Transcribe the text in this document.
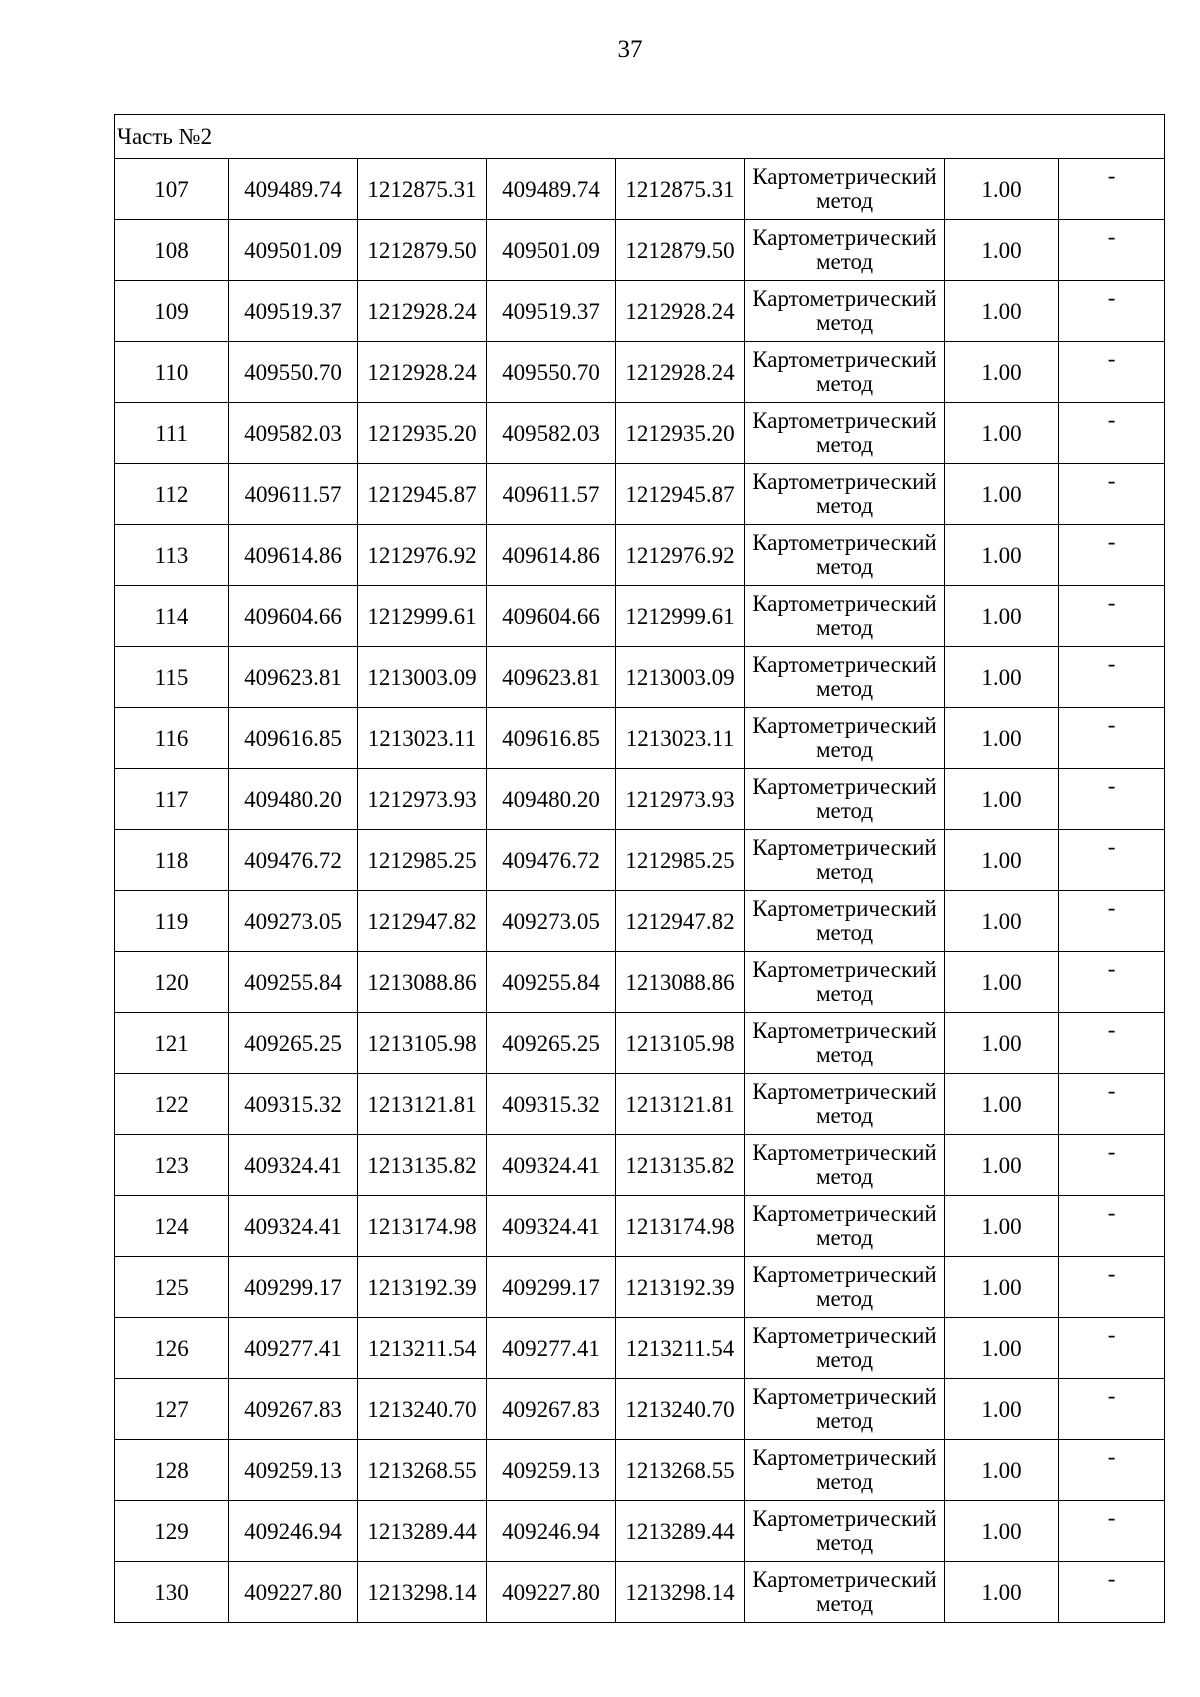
37
Часть №2							
107	409489.74	1212875.31	409489.74	1212875.31	Картометрический
метод	1.00	-
108	409501.09	1212879.50	409501.09	1212879.50	Картометрический
метод	1.00	-
109	409519.37	1212928.24	409519.37	1212928.24	Картометрический
метод	1.00	-
110	409550.70	1212928.24	409550.70	1212928.24	Картометрический
метод	1.00	-
111	409582.03	1212935.20	409582.03	1212935.20	Картометрический
метод	1.00	-
112	409611.57	1212945.87	409611.57	1212945.87	Картометрический
метод	1.00	-
113	409614.86	1212976.92	409614.86	1212976.92	Картометрический
метод	1.00	-
114	409604.66	1212999.61	409604.66	1212999.61	Картометрический
метод	1.00	-
115	409623.81	1213003.09	409623.81	1213003.09	Картометрический
метод	1.00	-
116	409616.85	1213023.11	409616.85	1213023.11	Картометрический
метод	1.00	-
117	409480.20	1212973.93	409480.20	1212973.93	Картометрический
метод	1.00	-
118	409476.72	1212985.25	409476.72	1212985.25	Картометрический
метод	1.00	-
119	409273.05	1212947.82	409273.05	1212947.82	Картометрический
метод	1.00	-
120	409255.84	1213088.86	409255.84	1213088.86	Картометрический
метод	1.00	-
121	409265.25	1213105.98	409265.25	1213105.98	Картометрический
метод	1.00	-
122	409315.32	1213121.81	409315.32	1213121.81	Картометрический
метод	1.00	-
123	409324.41	1213135.82	409324.41	1213135.82	Картометрический
метод	1.00	-
124	409324.41	1213174.98	409324.41	1213174.98	Картометрический
метод	1.00	-
125	409299.17	1213192.39	409299.17	1213192.39	Картометрический
метод	1.00	-
126	409277.41	1213211.54	409277.41	1213211.54	Картометрический
метод	1.00	-
127	409267.83	1213240.70	409267.83	1213240.70	Картометрический
метод	1.00	-
128	409259.13	1213268.55	409259.13	1213268.55	Картометрический
метод	1.00	-
129	409246.94	1213289.44	409246.94	1213289.44	Картометрический
метод	1.00	-
130	409227.80	1213298.14	409227.80	1213298.14	Картометрический
метод	1.00	-
